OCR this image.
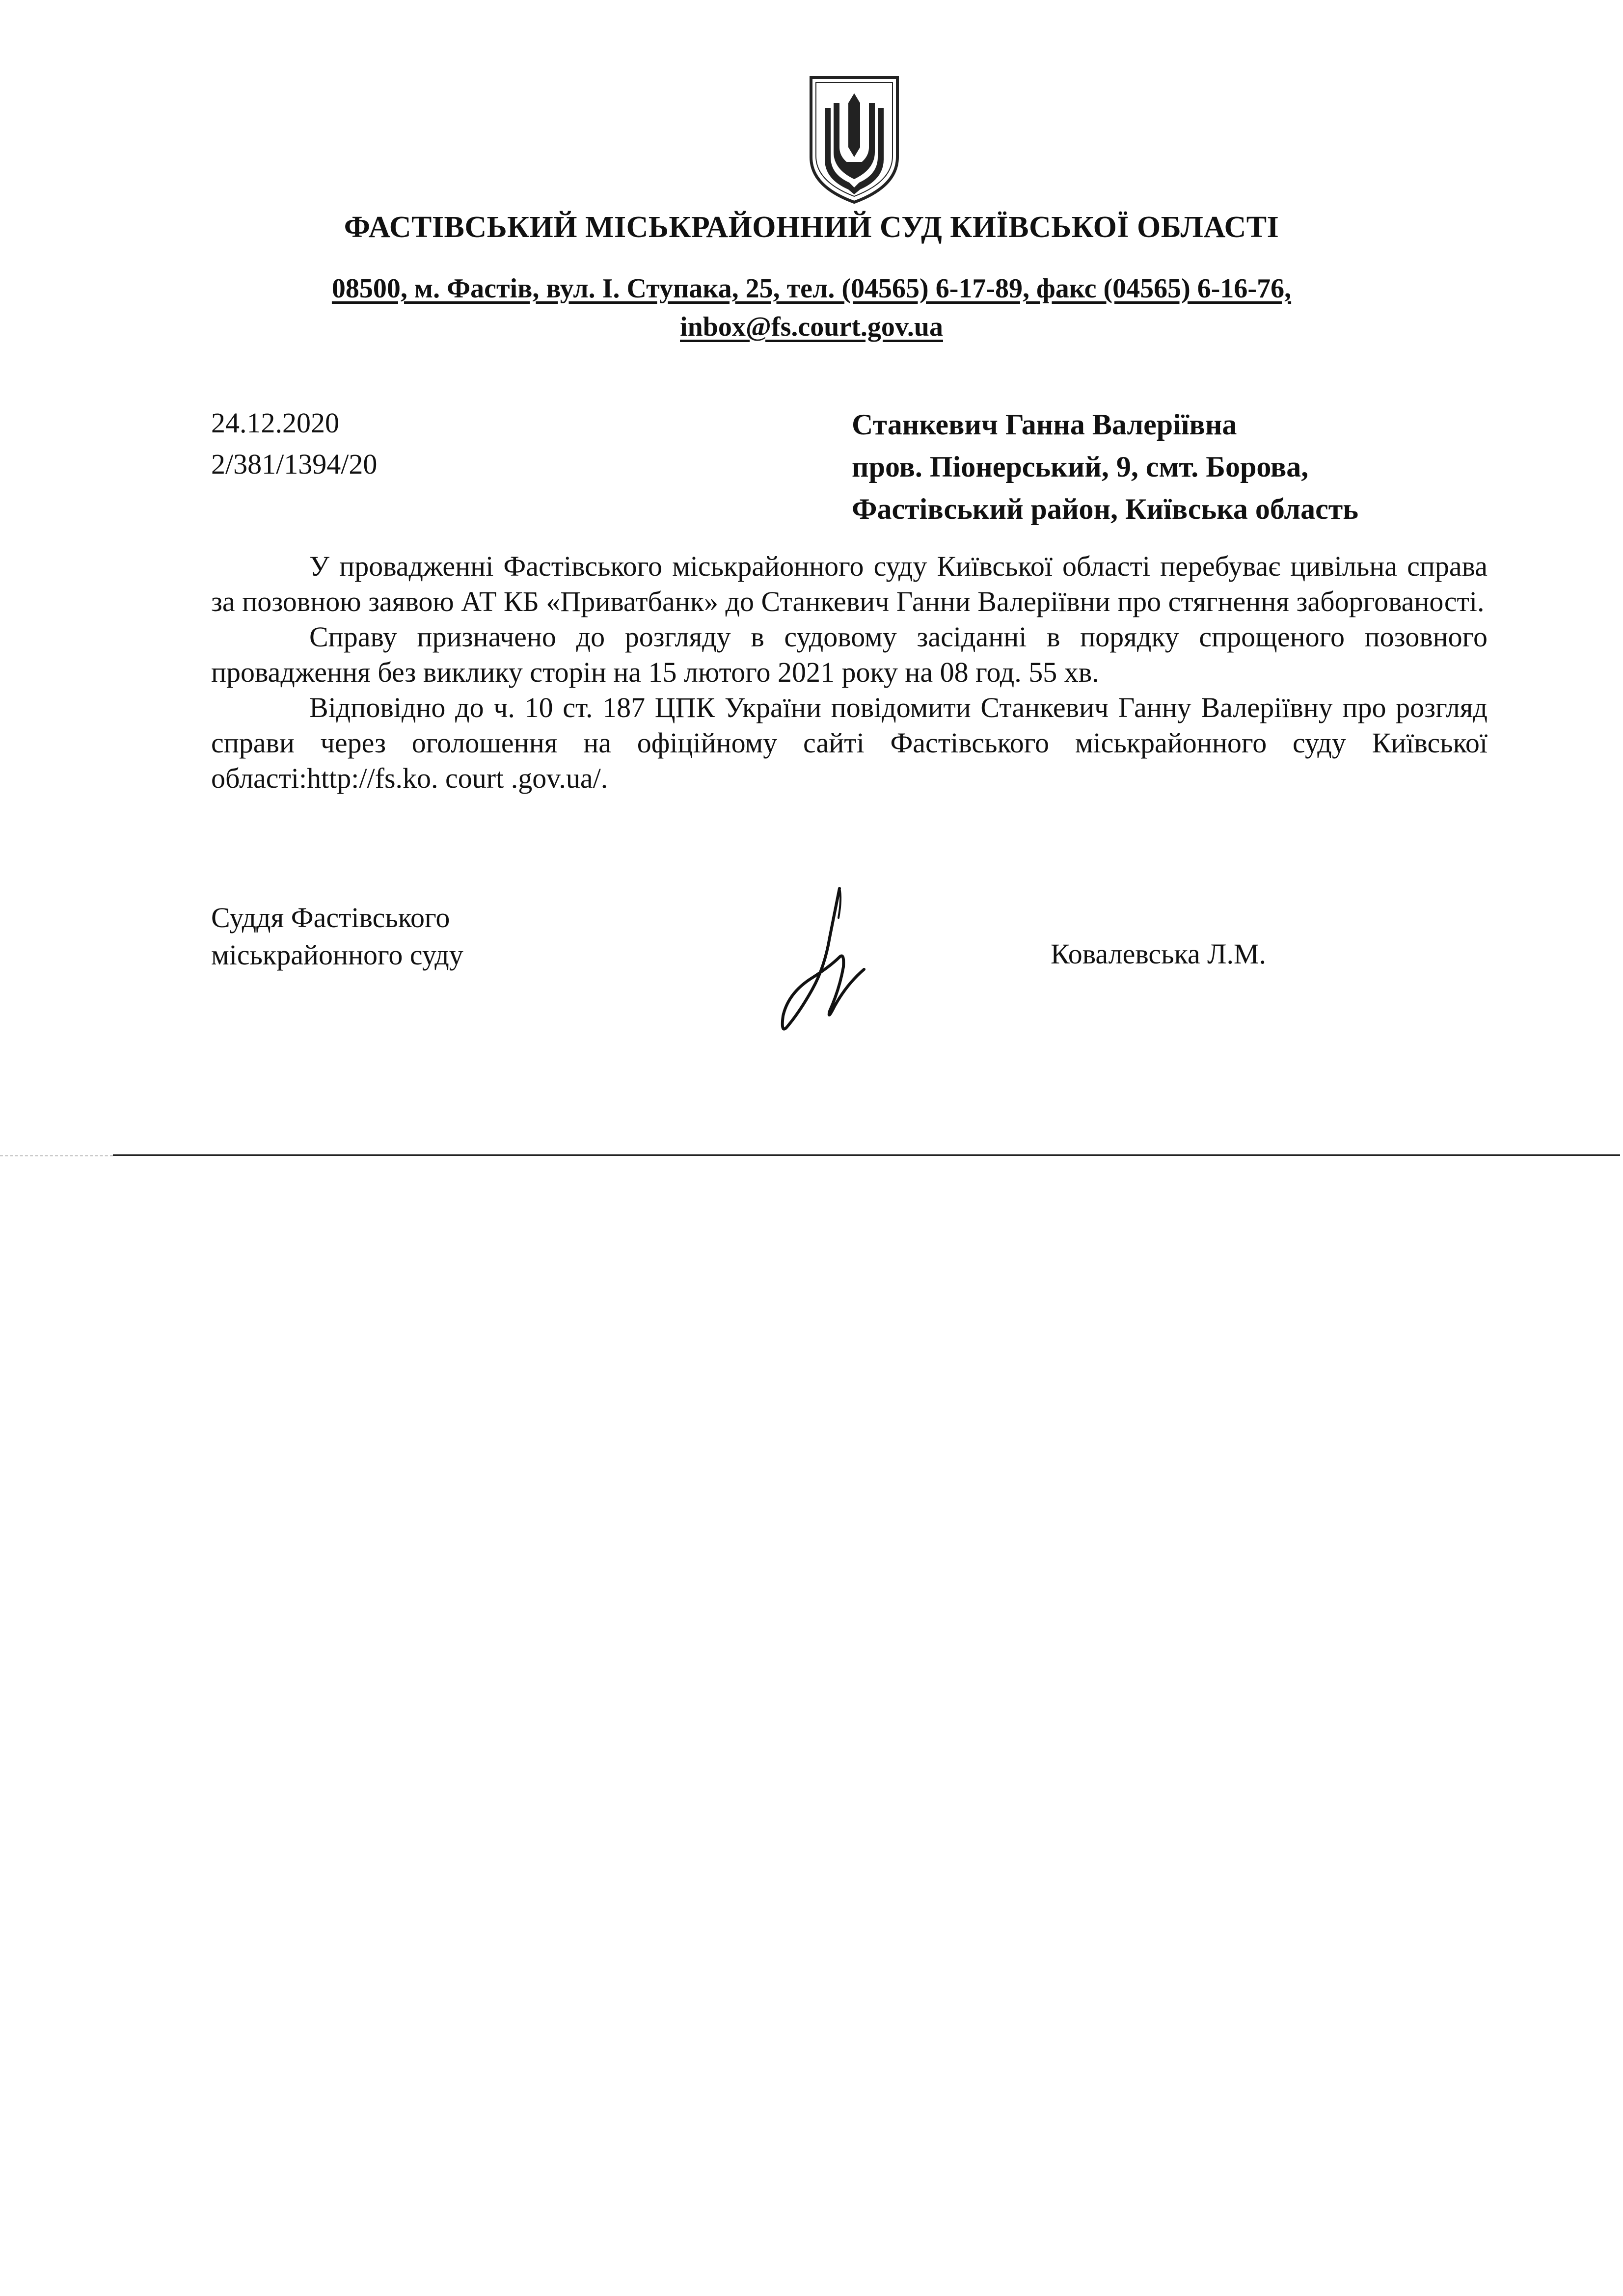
ФАСТІВСЬКИЙ МІСЬКРАЙОННИЙ СУД КИЇВСЬКОЇ ОБЛАСТІ
08500, м. Фастів, вул. І. Ступака, 25, тел. (04565) 6-17-89, факс (04565) 6-16-76,
inbox@fs.court.gov.ua
24.12.2020
2/381/1394/20
Станкевич Ганна Валеріївна
пров. Піонерський, 9, смт. Борова,
Фастівський район, Київська область

У провадженні Фастівського міськрайонного суду Київської області перебуває цивільна справа за позовною заявою АТ КБ «Приватбанк» до Станкевич Ганни Валеріївни про стягнення заборгованості.

Справу призначено до розгляду в судовому засіданні в порядку спрощеного позовного провадження без виклику сторін на 15 лютого 2021 року на 08 год. 55 хв.

Відповідно до ч. 10 ст. 187 ЦПК України повідомити Станкевич Ганну Валеріївну про розгляд справи через оголошення на офіційному сайті Фастівського міськрайонного суду Київської області:http://fs.ko. court .gov.ua/.

Суддя Фастівського
міськрайонного суду	Ковалевська Л.М.
